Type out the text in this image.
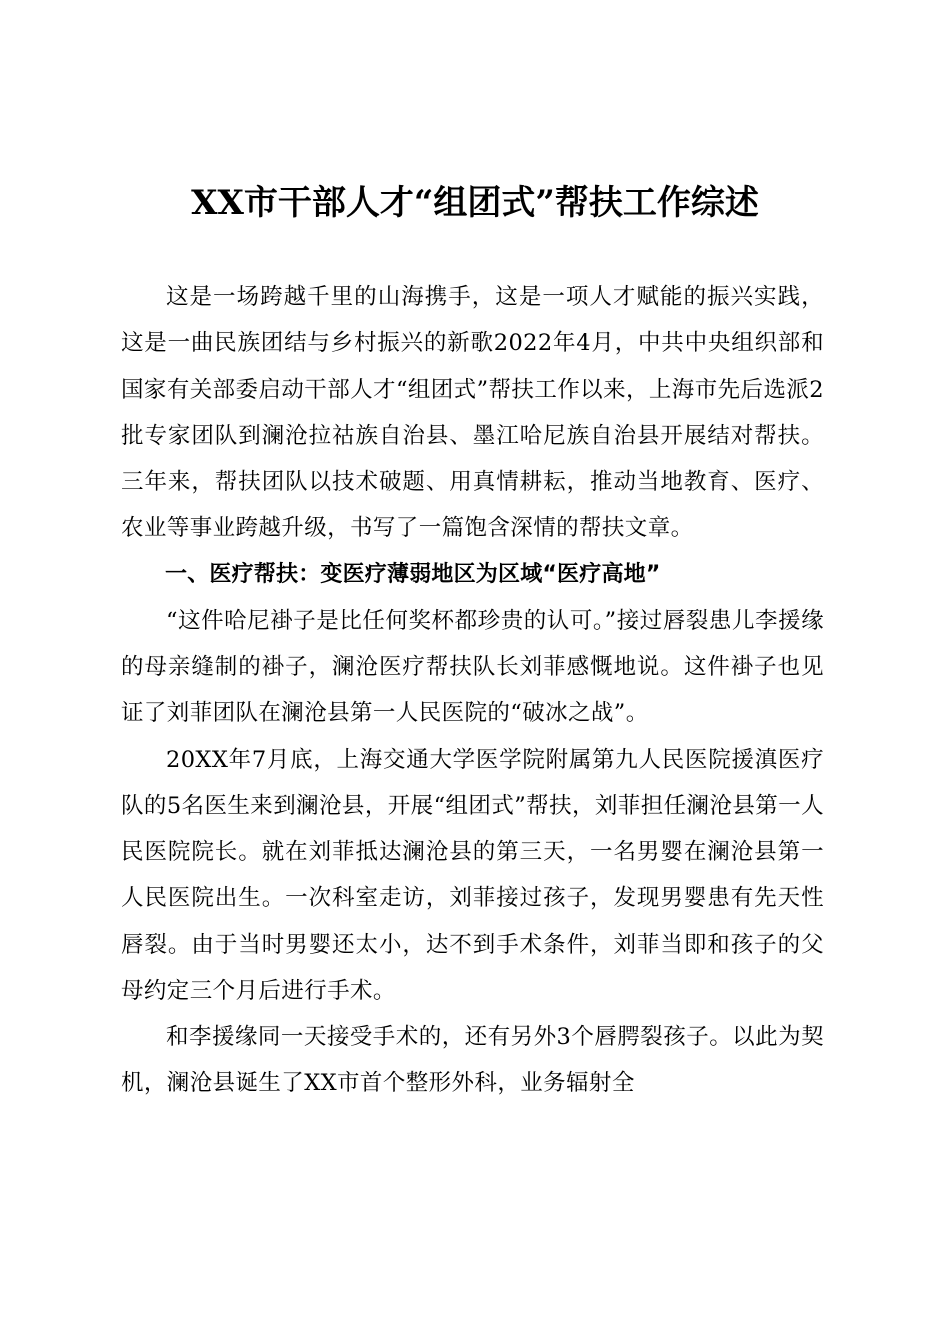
XX市干部人才“组团式”帮扶工作综述

这是一场跨越千里的山海携手，这是一项人才赋能的振兴实践，这是一曲民族团结与乡村振兴的新歌2022年4月，中共中央组织部和国家有关部委启动干部人才“组团式”帮扶工作以来，上海市先后选派2批专家团队到澜沧拉祜族自治县、墨江哈尼族自治县开展结对帮扶。三年来，帮扶团队以技术破题、用真情耕耘，推动当地教育、医疗、农业等事业跨越升级，书写了一篇饱含深情的帮扶文章。

一、医疗帮扶：变医疗薄弱地区为区域“医疗高地”

“这件哈尼褂子是比任何奖杯都珍贵的认可。”接过唇裂患儿李援缘的母亲缝制的褂子，澜沧医疗帮扶队长刘菲感慨地说。这件褂子也见证了刘菲团队在澜沧县第一人民医院的“破冰之战”。

20XX年7月底，上海交通大学医学院附属第九人民医院援滇医疗队的5名医生来到澜沧县，开展“组团式”帮扶，刘菲担任澜沧县第一人民医院院长。就在刘菲抵达澜沧县的第三天，一名男婴在澜沧县第一人民医院出生。一次科室走访，刘菲接过孩子，发现男婴患有先天性唇裂。由于当时男婴还太小，达不到手术条件，刘菲当即和孩子的父母约定三个月后进行手术。

和李援缘同一天接受手术的，还有另外3个唇腭裂孩子。以此为契机，澜沧县诞生了XX市首个整形外科，业务辐射全
